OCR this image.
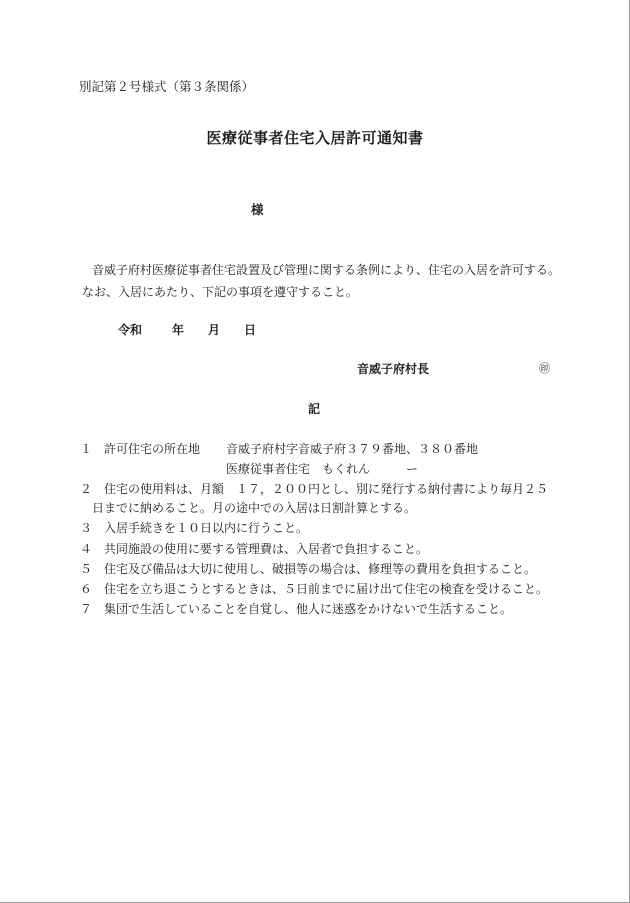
別記第２号様式（第３条関係）
医療従事者住宅入居許可通知書
様
音威子府村医療従事者住宅設置及び管理に関する条例により、住宅の入居を許可する。
なお、入居にあたり、下記の事項を遵守すること。
令和	年 月 日
音威子府村長	㊞
記
１ 許可住宅の所在地 音威子府村字音威子府３７９番地、３８０番地
医療従事者住宅　もくれん　　　ー
２ 住宅の使用料は、月額　１７，２００円とし、別に発行する納付書により毎月２５
日までに納めること。月の途中での入居は日割計算とする。
３ 入居手続きを１０日以内に行うこと。
４ 共同施設の使用に要する管理費は、入居者で負担すること。
５ 住宅及び備品は大切に使用し、破損等の場合は、修理等の費用を負担すること。
６ 住宅を立ち退こうとするときは、５日前までに届け出て住宅の検査を受けること。
７ 集団で生活していることを自覚し、他人に迷惑をかけないで生活すること。
